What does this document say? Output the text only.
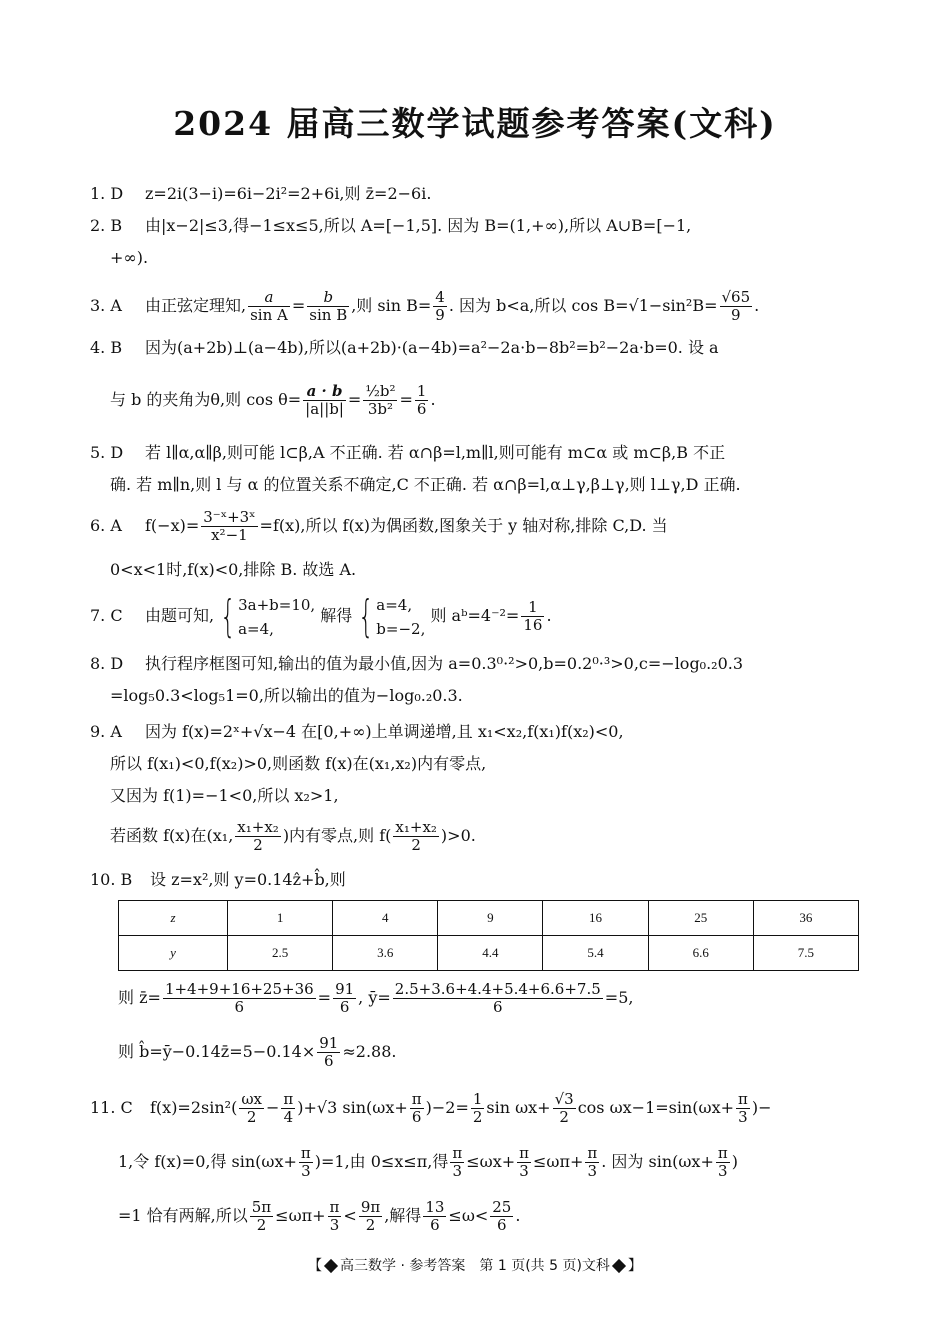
2024 届高三数学试题参考答案(文科)
1. D z=2i(3−i)=6i−2i²=2+6i,则 z̄=2−6i.
2. B 由|x−2|≤3,得−1≤x≤5,所以 A=[−1,5]. 因为 B=(1,+∞),所以 A∪B=[−1,
+∞).
3. A 由正弦定理知, $\frac{a}{\text{sin A}} = \frac{b}{\text{sin B}}$ ,则 $\sin B= \frac{4}{9}$ . 因为 b<a,所以 $\cos B=√1-\sin^2B= \frac{√65}{9}$ .
4. B 因为(a+2b)⊥(a−4b),所以(a+2b)·(a−4b)=a²−2a·b−8b²=b²−2a·b=0. 设 a
与 b 的夹角为θ,则 $\cos \theta= \frac{a \cdot b}{|a||b|} = \frac{\text{½b²}}{\text{3b²}} = \frac{1}{6}$ .
5. D 若 l∥α,α∥β,则可能 l⊂β,A 不正确. 若 α∩β=l,m∥l,则可能有 m⊂α 或 m⊂β,B 不正
确. 若 m∥n,则 l 与 α 的位置关系不确定,C 不正确. 若 α∩β=l,α⊥γ,β⊥γ,则 l⊥γ,D 正确.
6. A $f(-x)= \frac{\text{3⁻ˣ+3ˣ}}{\text{x²−1}} =f(x)$,所以 f(x)为偶函数,图象关于 y 轴对称,排除 C,D. 当
0<x<1时,f(x)<0,排除 B. 故选 A.
7. C 由题可知, { 3a+b=10,
a=4, 解得 { a=4,
b=−2, 则 aᵇ=4⁻²= $\frac{1}{16}$ .
8. D 执行程序框图可知,输出的值为最小值,因为 a=0.3⁰·²>0,b=0.2⁰·³>0,c=−log₀.₂0.3
=log₅0.3<log₅1=0,所以输出的值为−log₀.₂0.3.
9. A 因为 f(x)=2ˣ+√x−4 在[0,+∞)上单调递增,且 x₁<x₂,f(x₁)f(x₂)<0,
所以 f(x₁)<0,f(x₂)>0,则函数 f(x)在(x₁,x₂)内有零点,
又因为 f(1)=−1<0,所以 x₂>1,
若函数 f(x)在(x₁, $\frac{\text{x₁+x₂}}{2}$ )内有零点,则 $f( \frac{\text{x₁+x₂}}{2} )>0$.
10. B 设 z=x²,则 y=0.14ẑ+b̂,则
z	1	4	9	16	25	36
y	2.5	3.6	4.4	5.4	6.6	7.5
则 z̄= $\frac{1+4+9+16+25+36}{6} = \frac{91}{6}$ , ȳ= $\frac{2.5+3.6+4.4+5.4+6.6+7.5}{6} =5$,
则 b̂=ȳ−0.14z̄=5−0.14× $\frac{91}{6} \approx 2.88$.
11. C $f(x)=2\sin^2( \frac{\omega x}{2} - \frac{\pi}{4} )+√3$ $\sin(\omega x+ \frac{\pi}{6} )-2= \frac{1}{2}$ $\sin \omega x+ \frac{√3}{2}$ $\cos \omega x-1=\sin(\omega x+ \frac{\pi}{3}$ )−
1,令 f(x)=0,得 $\sin(\omega x+ \frac{\pi}{3} )=1$,由 0≤x≤π,得 $\frac{\pi}{3} \le\omega x+ \frac{\pi}{3} \le\omega\pi+ \frac{\pi}{3}$ . 因为 $\sin(\omega x+ \frac{\pi}{3}$ )
=1 恰有两解,所以 $\frac{5\pi}{2} \le\omega\pi+ \frac{\pi}{3} < \frac{9\pi}{2}$ ,解得 $\frac{13}{6} \le\omega< \frac{25}{6}$ .
【 高三数学 · 参考答案　第 1 页(共 5 页)文科 】
